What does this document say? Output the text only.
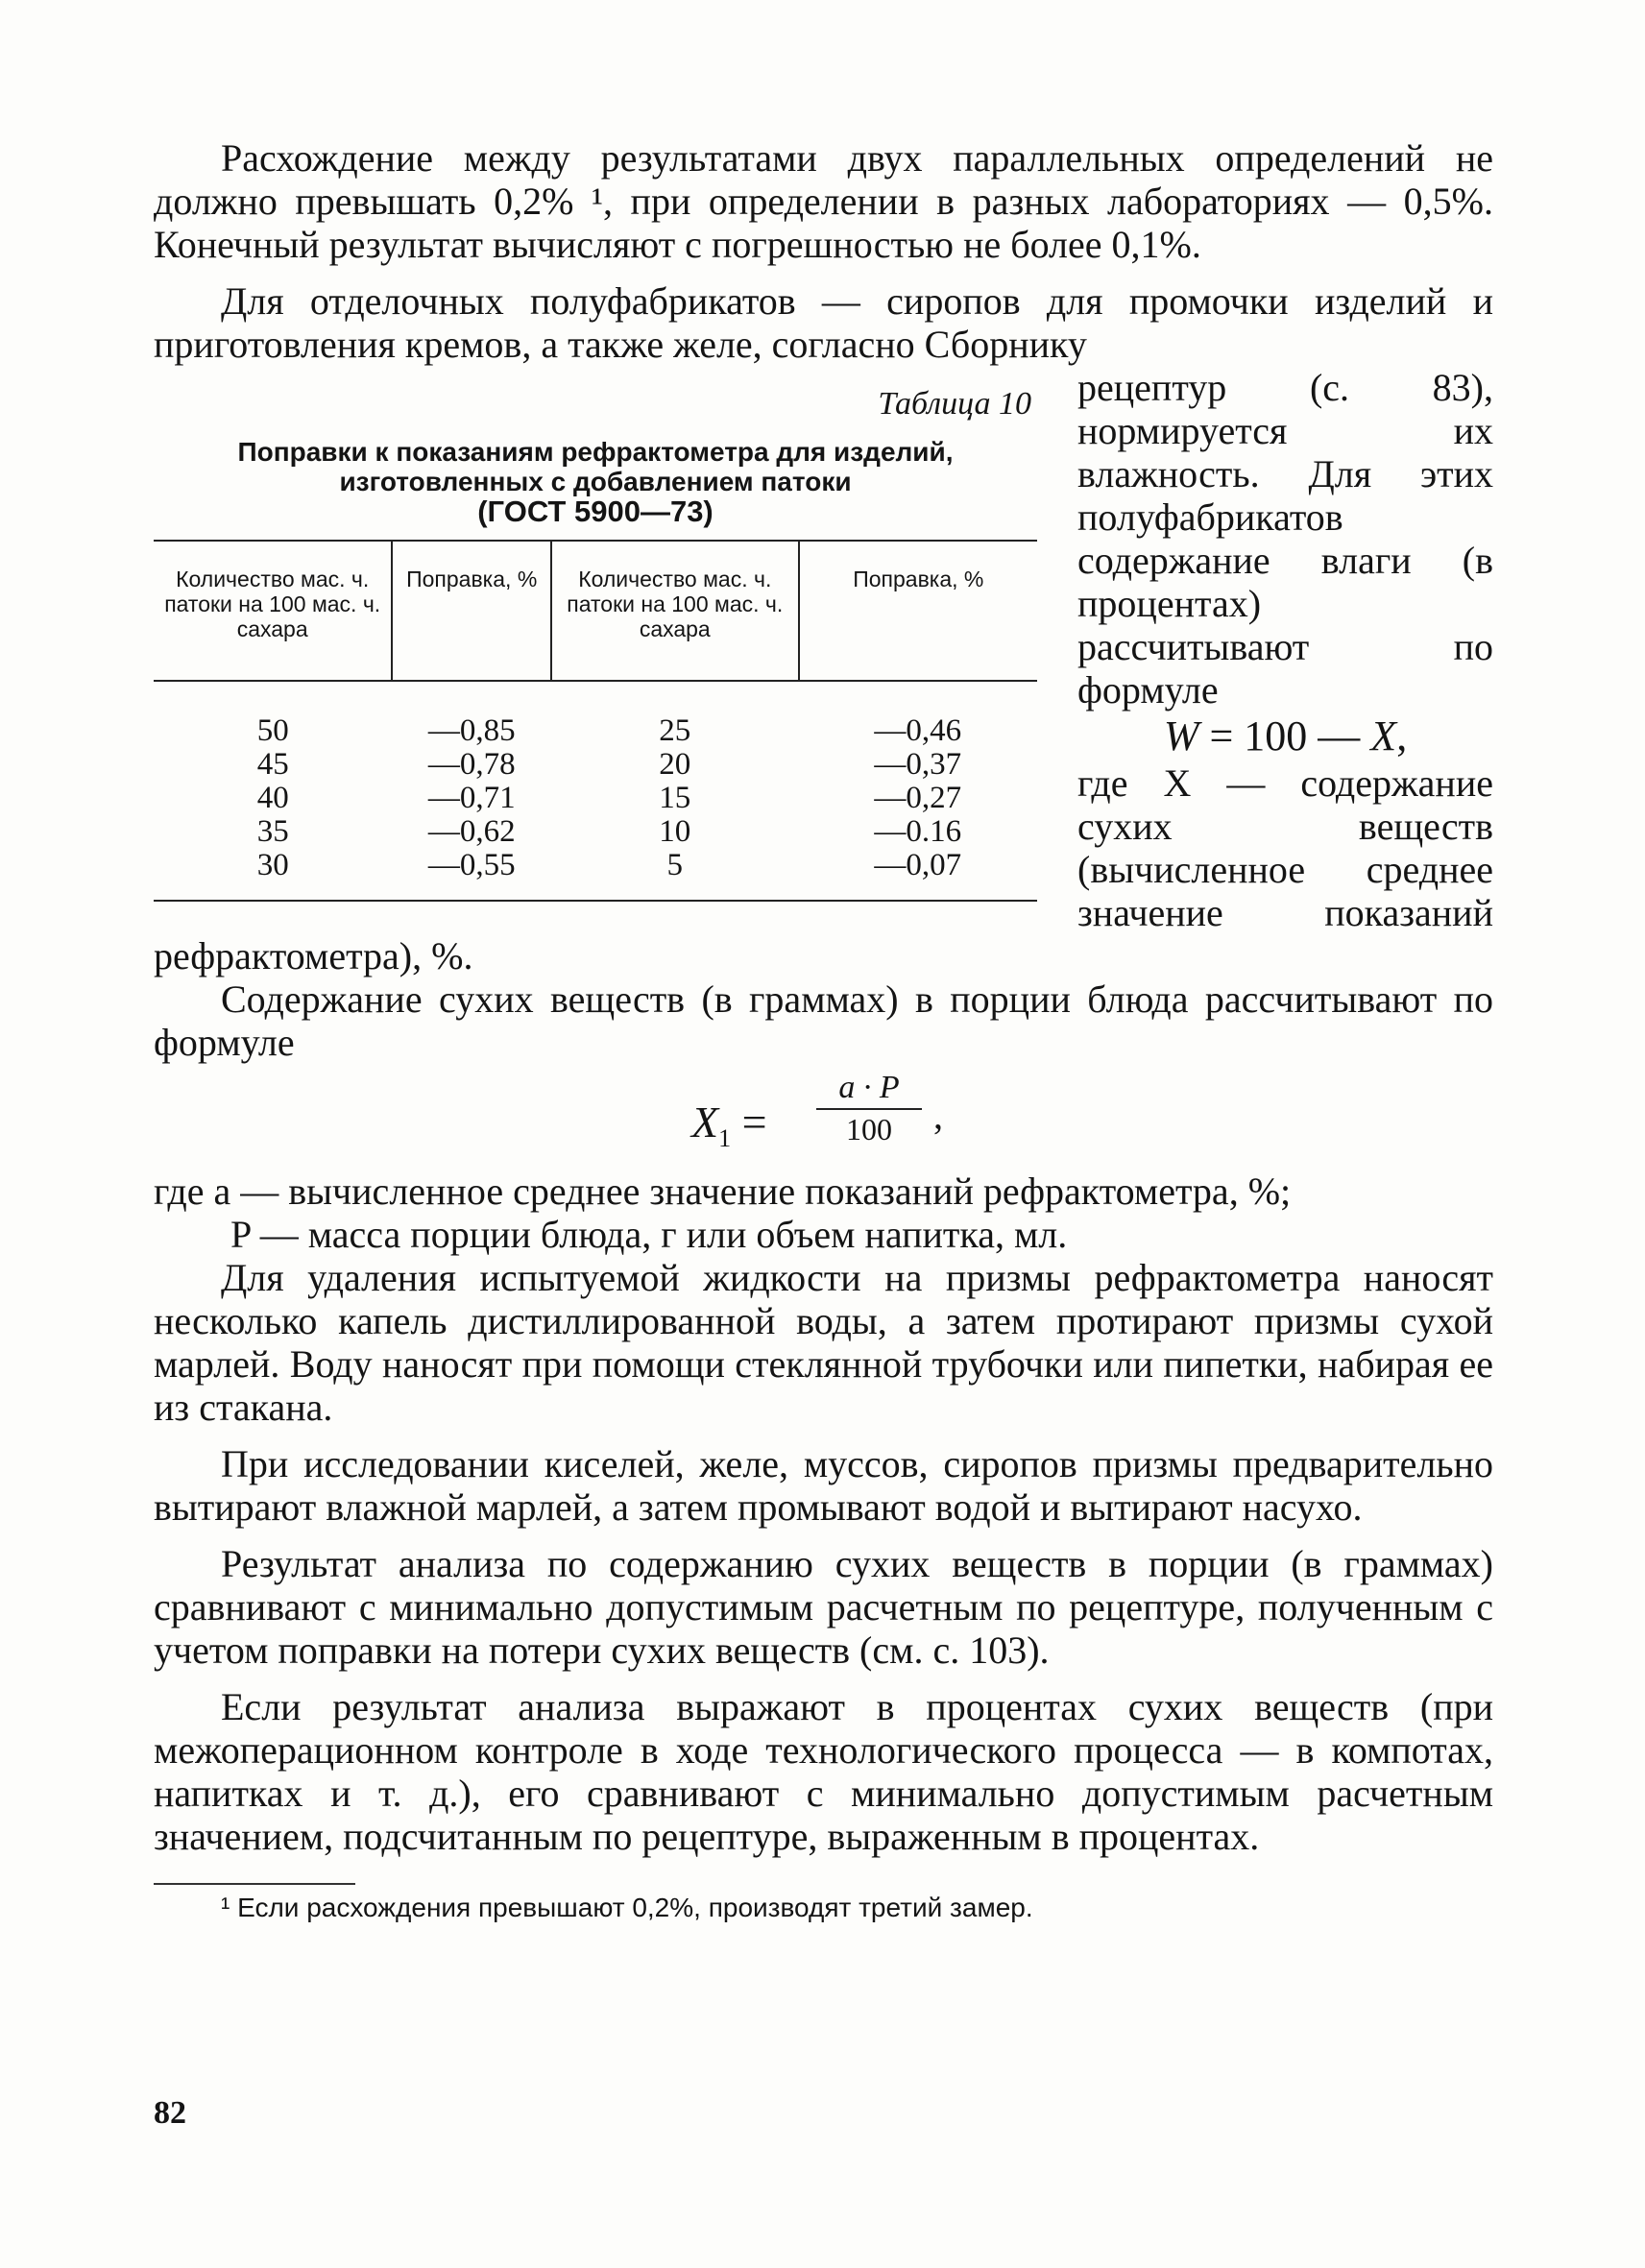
Расхождение между результатами двух параллельных определений не должно превышать 0,2% ¹, при определении в разных лабораториях — 0,5%. Конечный результат вычисляют с погрешностью не более 0,1%.

Для отделочных полуфабрикатов — сиропов для промочки изделий и приготовления кремов, а также желе, согласно Сборнику

Таблица 10
Поправки к показаниям рефрактометра для изделий,
изготовленных с добавлением патоки
(ГОСТ 5900—73)
Количество мас. ч. патоки на 100 мас. ч. сахара	Поправка, %	Количество мас. ч. патоки на 100 мас. ч. сахара	Поправка, %
50	—0,85	25	—0,46
45	—0,78	20	—0,37
40	—0,71	15	—0,27
35	—0,62	10	—0.16
30	—0,55	5	—0,07

рецептур (с. 83), нормируется их влажность. Для этих полуфабрикатов содержание влаги (в процентах) рассчитывают по формуле

W = 100 — X,

где X — содержание сухих веществ (вычисленное среднее значение показаний рефрактометра), %.

Содержание сухих веществ (в граммах) в порции блюда рассчитывают по формуле

$X_1 = \frac{a \cdot P}{100}$ ,

где a — вычисленное среднее значение показаний рефрактометра, %;

P — масса порции блюда, г или объем напитка, мл.

Для удаления испытуемой жидкости на призмы рефрактометра наносят несколько капель дистиллированной воды, а затем протирают призмы сухой марлей. Воду наносят при помощи стеклянной трубочки или пипетки, набирая ее из стакана.

При исследовании киселей, желе, муссов, сиропов призмы предварительно вытирают влажной марлей, а затем промывают водой и вытирают насухо.

Результат анализа по содержанию сухих веществ в порции (в граммах) сравнивают с минимально допустимым расчетным по рецептуре, полученным с учетом поправки на потери сухих веществ (см. с. 103).

Если результат анализа выражают в процентах сухих веществ (при межоперационном контроле в ходе технологического процесса — в компотах, напитках и т. д.), его сравнивают с минимально допустимым расчетным значением, подсчитанным по рецептуре, выраженным в процентах.

¹ Если расхождения превышают 0,2%, производят третий замер.
82
